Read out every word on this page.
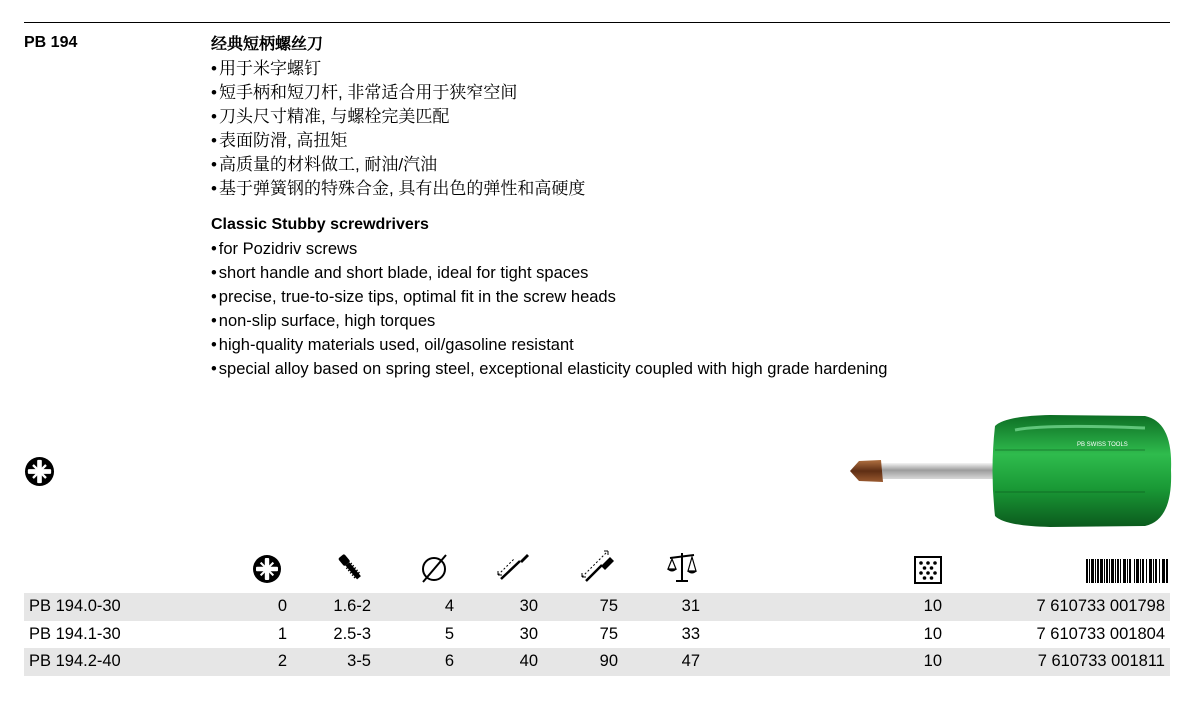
PB 194	经典短柄螺丝刀
• 用于米字螺钉
• 短手柄和短刀杆, 非常适合用于狭窄空间
• 刀头尺寸精准, 与螺栓完美匹配
• 表面防滑, 高扭矩
• 高质量的材料做工, 耐油/汽油
• 基于弹簧钢的特殊合金, 具有出色的弹性和高硬度
Classic Stubby screwdrivers
• for Pozidriv screws
• short handle and short blade, ideal for tight spaces
• precise, true-to-size tips, optimal fit in the screw heads
• non-slip surface, high torques
• high-quality materials used, oil/gasoline resistant
• special alloy based on spring steel, exceptional elasticity coupled with high grade hardening
PB SWISS TOOLS
PB 194.0-30	0	1.6-2	4	30	75	31	10	7 610733 001798
PB 194.1-30	1	2.5-3	5	30	75	33	10	7 610733 001804
PB 194.2-40	2	3-5	6	40	90	47	10	7 610733 001811
